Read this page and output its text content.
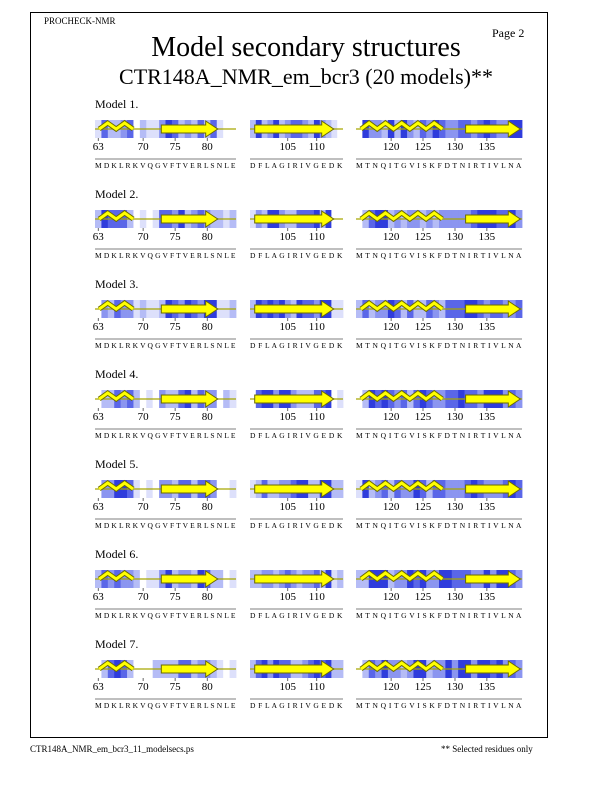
PROCHECK-NMR
Page 2
Model secondary structures
CTR148A_NMR_em_bcr3 (20 models)**
Model 1.
63	70 75 80
M D K L R K V Q G V F T V E R L S N L E
105 110
D F L A G I R I V G E D K
120 125 130 135
M T N Q I T G V I S K F D T N I R T I V L N A
Model 2.
63	70 75 80
M D K L R K V Q G V F T V E R L S N L E
105 110
D F L A G I R I V G E D K
120 125 130 135
M T N Q I T G V I S K F D T N I R T I V L N A
Model 3.
63	70 75 80
M D K L R K V Q G V F T V E R L S N L E
105 110
D F L A G I R I V G E D K
120 125 130 135
M T N Q I T G V I S K F D T N I R T I V L N A
Model 4.
63	70 75 80
M D K L R K V Q G V F T V E R L S N L E
105 110
D F L A G I R I V G E D K
120 125 130 135
M T N Q I T G V I S K F D T N I R T I V L N A
Model 5.
63	70 75 80
M D K L R K V Q G V F T V E R L S N L E
105 110
D F L A G I R I V G E D K
120 125 130 135
M T N Q I T G V I S K F D T N I R T I V L N A
Model 6.
63	70 75 80
M D K L R K V Q G V F T V E R L S N L E
105 110
D F L A G I R I V G E D K
120 125 130 135
M T N Q I T G V I S K F D T N I R T I V L N A
Model 7.
63	70 75 80
M D K L R K V Q G V F T V E R L S N L E
105 110
D F L A G I R I V G E D K
120 125 130 135
M T N Q I T G V I S K F D T N I R T I V L N A
CTR148A_NMR_em_bcr3_11_modelsecs.ps	** Selected residues only
